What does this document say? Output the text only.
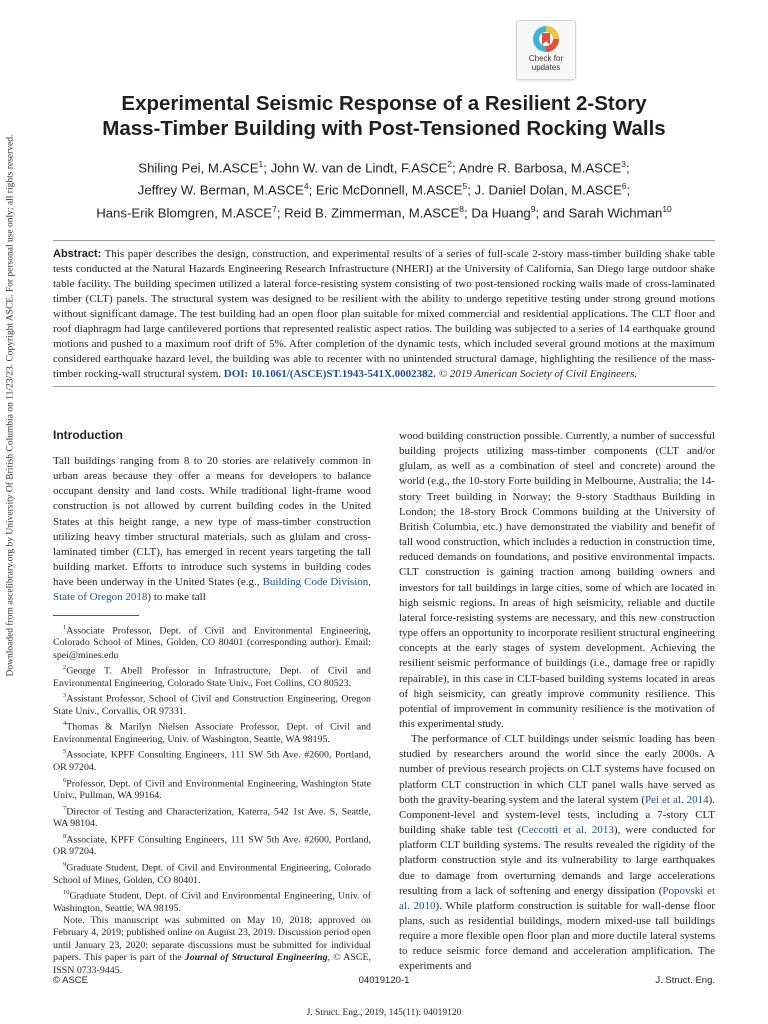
Check for
updates
Experimental Seismic Response of a Resilient 2-Story
Mass-Timber Building with Post-Tensioned Rocking Walls
Shiling Pei, M.ASCE$^1$; John W. van de Lindt, F.ASCE$^2$; Andre R. Barbosa, M.ASCE$^3$;
Jeffrey W. Berman, M.ASCE$^4$; Eric McDonnell, M.ASCE$^5$; J. Daniel Dolan, M.ASCE$^6$;
Hans-Erik Blomgren, M.ASCE$^7$; Reid B. Zimmerman, M.ASCE$^8$; Da Huang$^9$; and Sarah Wichman$^{10}$
Downloaded from ascelibrary.org by University Of British Columbia on 11/23/23. Copyright ASCE. For personal use only; all rights reserved.	Abstract: This paper describes the design, construction, and experimental results of a series of full-scale 2-story mass-timber building shake table tests conducted at the Natural Hazards Engineering Research Infrastructure (NHERI) at the University of California, San Diego large outdoor shake table facility. The building specimen utilized a lateral force-resisting system consisting of two post-tensioned rocking walls made of cross-laminated timber (CLT) panels. The structural system was designed to be resilient with the ability to undergo repetitive testing under strong ground motions without significant damage. The test building had an open floor plan suitable for mixed commercial and residential applications. The CLT floor and roof diaphragm had large cantilevered portions that represented realistic aspect ratios. The building was subjected to a series of 14 earthquake ground motions and pushed to a maximum roof drift of 5%. After completion of the dynamic tests, which included several ground motions at the maximum considered earthquake hazard level, the building was able to recenter with no unintended structural damage, highlighting the resilience of the mass-timber rocking-wall structural system. DOI: 10.1061/(ASCE)ST.1943-541X.0002382. © 2019 American Society of Civil Engineers.
Introduction

Tall buildings ranging from 8 to 20 stories are relatively common in urban areas because they offer a means for developers to balance occupant density and land costs. While traditional light-frame wood construction is not allowed by current building codes in the United States at this height range, a new type of mass-timber construction utilizing heavy timber structural materials, such as glulam and cross-laminated timber (CLT), has emerged in recent years targeting the tall building market. Efforts to introduce such systems in building codes have been underway in the United States (e.g., Building Code Division, State of Oregon 2018) to make tall

$^1$Associate Professor, Dept. of Civil and Environmental Engineering, Colorado School of Mines, Golden, CO 80401 (corresponding author). Email: spei@mines.edu

$^2$George T. Abell Professor in Infrastructure, Dept. of Civil and Environmental Engineering, Colorado State Univ., Fort Collins, CO 80523.

$^3$Assistant Professor, School of Civil and Construction Engineering, Oregon State Univ., Corvallis, OR 97331.

$^4$Thomas & Marilyn Nielsen Associate Professor, Dept. of Civil and Environmental Engineering, Univ. of Washington, Seattle, WA 98195.

$^5$Associate, KPFF Consulting Engineers, 111 SW 5th Ave. #2600, Portland, OR 97204.

$^6$Professor, Dept. of Civil and Environmental Engineering, Washington State Univ., Pullman, WA 99164.

$^7$Director of Testing and Characterization, Katerra, 542 1st Ave. S, Seattle, WA 98104.

$^8$Associate, KPFF Consulting Engineers, 111 SW 5th Ave. #2600, Portland, OR 97204.

$^9$Graduate Student, Dept. of Civil and Environmental Engineering, Colorado School of Mines, Golden, CO 80401.

$^{10}$Graduate Student, Dept. of Civil and Environmental Engineering, Univ. of Washington, Seattle, WA 98195.

Note. This manuscript was submitted on May 10, 2018; approved on February 4, 2019; published online on August 23, 2019. Discussion period open until January 23, 2020; separate discussions must be submitted for individual papers. This paper is part of the Journal of Structural Engineering, © ASCE, ISSN 0733-9445.

wood building construction possible. Currently, a number of successful building projects utilizing mass-timber components (CLT and/or glulam, as well as a combination of steel and concrete) around the world (e.g., the 10-story Forte building in Melbourne, Australia; the 14-story Treet building in Norway; the 9-story Stadthaus Building in London; the 18-story Brock Commons building at the University of British Columbia, etc.) have demonstrated the viability and benefit of tall wood construction, which includes a reduction in construction time, reduced demands on foundations, and positive environmental impacts. CLT construction is gaining traction among building owners and investors for tall buildings in large cities, some of which are located in high seismic regions. In areas of high seismicity, reliable and ductile lateral force-resisting systems are necessary, and this new construction type offers an opportunity to incorporate resilient structural engineering concepts at the early stages of system development. Achieving the resilient seismic performance of buildings (i.e., damage free or rapidly repairable), in this case in CLT-based building systems located in areas of high seismicity, can greatly improve community resilience. This potential of improvement in community resilience is the motivation of this experimental study.

The performance of CLT buildings under seismic loading has been studied by researchers around the world since the early 2000s. A number of previous research projects on CLT systems have focused on platform CLT construction in which CLT panel walls have served as both the gravity-bearing system and the lateral system (Pei et al. 2014). Component-level and system-level tests, including a 7-story CLT building shake table test (Ceccotti et al. 2013), were conducted for platform CLT building systems. The results revealed the rigidity of the platform construction style and its vulnerability to large earthquakes due to damage from overturning demands and large accelerations resulting from a lack of softening and energy dissipation (Popovski et al. 2010). While platform construction is suitable for wall-dense floor plans, such as residential buildings, modern mixed-use tall buildings require a more flexible open floor plan and more ductile lateral systems to reduce seismic force demand and acceleration amplification. The experiments and

© ASCE	04019120-1	J. Struct. Eng.
J. Struct. Eng., 2019, 145(11): 04019120
